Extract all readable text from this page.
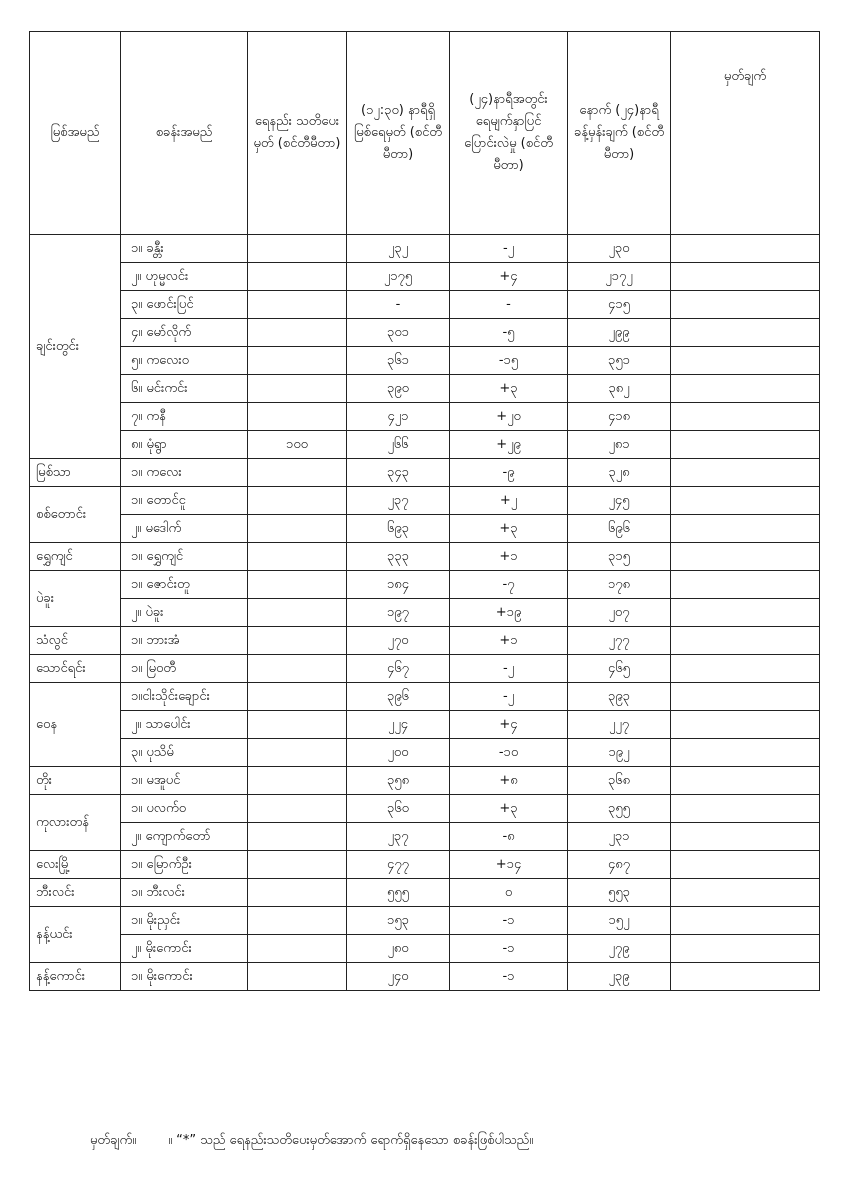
မြစ်အမည်	စခန်းအမည်	ရေနည်း သတိပေးမှတ် (စင်တီမီတာ)	(၁၂:၃၀) နာရီရှိ မြစ်ရေမှတ် (စင်တီမီတာ)	(၂၄)နာရီအတွင်း ရေမျက်နှာပြင် ပြောင်းလဲမှု (စင်တီမီတာ)	နောက် (၂၄)နာရီ ခန့်မှန်းချက် (စင်တီမီတာ)	မှတ်ချက်
ချင်းတွင်း	၁။ ခန္တီး		၂၃၂	-၂	၂၃၀	
	၂။ ဟုမ္မလင်း		၂၁၇၅	+၄	၂၁၇၂	
	၃။ ဖောင်းပြင်		-	-	၄၁၅	
	၄။ မော်လိုက်		၃၀၁	-၅	၂၉၉	
	၅။ ကလေးဝ		၃၆၁	-၁၅	၃၅၁	
	၆။ မင်းကင်း		၃၉၀	+၃	၃၈၂	
	၇။ ကနီ		၄၂၁	+၂၀	၄၁၈	
	၈။ မုံရွာ	၁၀၀	၂၆၆	+၂၉	၂၈၁	
မြစ်သာ	၁။ ကလေး		၃၄၃	-၉	၃၂၈	
စစ်တောင်း	၁။ တောင်ငူ		၂၃၇	+၂	၂၄၅	
	၂။ မဒေါက်		၆၉၃	+၃	၆၉၆	
ရွှေကျင်	၁။ ရွှေကျင်		၃၃၃	+၁	၃၁၅	
ပဲခူး	၁။ ဇောင်းတူ		၁၈၄	-၇	၁၇၈	
	၂။ ပဲခူး		၁၉၇	+၁၉	၂၀၇	
သံလွင်	၁။ ဘားအံ		၂၇၀	+၁	၂၇၇	
သောင်ရင်း	၁။ မြဝတီ		၄၆၇	-၂	၄၆၅	
ဝေန	၁။ငါးသိုင်းချောင်း		၃၉၆	-၂	၃၉၃	
	၂။ သာပေါင်း		၂၂၄	+၄	၂၂၇	
	၃။ ပုသိမ်		၂၀၀	-၁၀	၁၉၂	
တိုး	၁။ မအူပင်		၃၅၈	+၈	၃၆၈	
ကုလားတန်	၁။ ပလက်ဝ		၃၆၀	+၃	၃၅၅	
	၂။ ကျောက်တော်		၂၃၇	-၈	၂၃၁	
လေးမြို့	၁။ မြောက်ဦး		၄၇၇	+၁၄	၄၈၇	
ဘီးလင်း	၁။ ဘီးလင်း		၅၅၅	၀	၅၅၃	
နန့်ယင်း	၁။ မိုးညှင်း		၁၅၃	-၁	၁၅၂	
	၂။ မိုးကောင်း		၂၈၀	-၁	၂၇၉	
နန့်ကောင်း	၁။ မိုးကောင်း		၂၄၀	-၁	၂၃၉	
မှတ်ချက်။ ။ “*” သည် ရေနည်းသတိပေးမှတ်အောက် ရောက်ရှိနေသော စခန်းဖြစ်ပါသည်။
